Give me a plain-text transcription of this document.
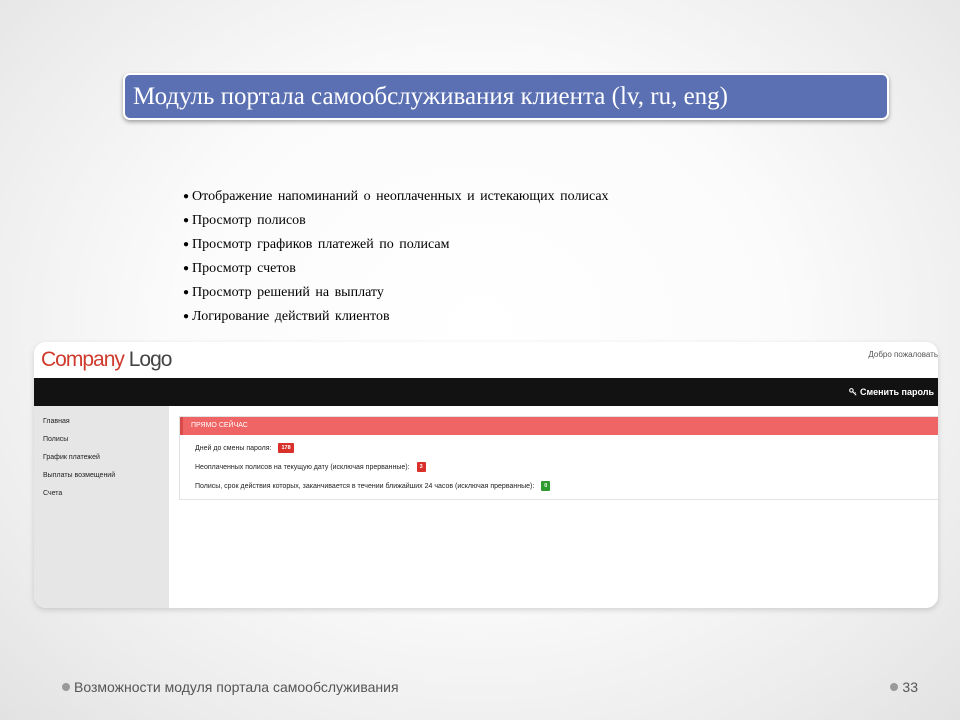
Модуль портала самообслуживания клиента (lv, ru, eng)
● Отображение напоминаний о неоплаченных и истекающих полисах
● Просмотр полисов
● Просмотр графиков платежей по полисам
● Просмотр счетов
● Просмотр решений на выплату
● Логирование действий клиентов
Company Logo	Добро пожаловать
Сменить пароль
Главная
Полисы
График платежей
Выплаты возмещений
Счета
ПРЯМО СЕЙЧАС
Дней до смены пароля:	178
Неоплаченных полисов на текущую дату (исключая прерванные):	3
Полисы, срок действия которых, заканчивается в течении ближайших 24 часов (исключая прерванные):	0
Возможности модуля портала самообслуживания	33
